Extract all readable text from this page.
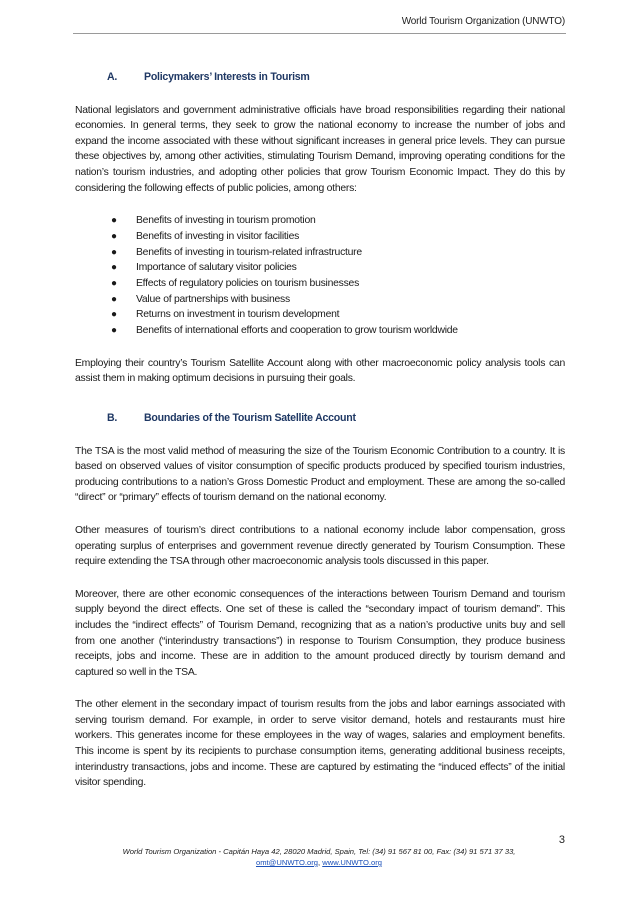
World Tourism Organization (UNWTO)
A.	Policymakers’ Interests in Tourism

National legislators and government administrative officials have broad responsibilities regarding their national economies. In general terms, they seek to grow the national economy to increase the number of jobs and expand the income associated with these without significant increases in general price levels. They can pursue these objectives by, among other activities, stimulating Tourism Demand, improving operating conditions for the nation’s tourism industries, and adopting other policies that grow Tourism Economic Impact. They do this by considering the following effects of public policies, among others:

●	Benefits of investing in tourism promotion
●	Benefits of investing in visitor facilities
●	Benefits of investing in tourism-related infrastructure
●	Importance of salutary visitor policies
●	Effects of regulatory policies on tourism businesses
●	Value of partnerships with business
●	Returns on investment in tourism development
●	Benefits of international efforts and cooperation to grow tourism worldwide

Employing their country’s Tourism Satellite Account along with other macroeconomic policy analysis tools can assist them in making optimum decisions in pursuing their goals.

B.	Boundaries of the Tourism Satellite Account

The TSA is the most valid method of measuring the size of the Tourism Economic Contribution to a country. It is based on observed values of visitor consumption of specific products produced by specified tourism industries, producing contributions to a nation’s Gross Domestic Product and employment. These are among the so-called “direct” or “primary” effects of tourism demand on the national economy.

Other measures of tourism’s direct contributions to a national economy include labor compensation, gross operating surplus of enterprises and government revenue directly generated by Tourism Consumption. These require extending the TSA through other macroeconomic analysis tools discussed in this paper.

Moreover, there are other economic consequences of the interactions between Tourism Demand and tourism supply beyond the direct effects. One set of these is called the “secondary impact of tourism demand”. This includes the “indirect effects” of Tourism Demand, recognizing that as a nation’s productive units buy and sell from one another (“interindustry transactions”) in response to Tourism Consumption, they produce business receipts, jobs and income. These are in addition to the amount produced directly by tourism demand and captured so well in the TSA.

The other element in the secondary impact of tourism results from the jobs and labor earnings associated with serving tourism demand. For example, in order to serve visitor demand, hotels and restaurants must hire workers. This generates income for these employees in the way of wages, salaries and employment benefits. This income is spent by its recipients to purchase consumption items, generating additional business receipts, interindustry transactions, jobs and income. These are captured by estimating the “induced effects” of the initial visitor spending.

3
World Tourism Organization - Capitán Haya 42, 28020 Madrid, Spain, Tel: (34) 91 567 81 00, Fax: (34) 91 571 37 33,
omt@UNWTO.org, www.UNWTO.org
